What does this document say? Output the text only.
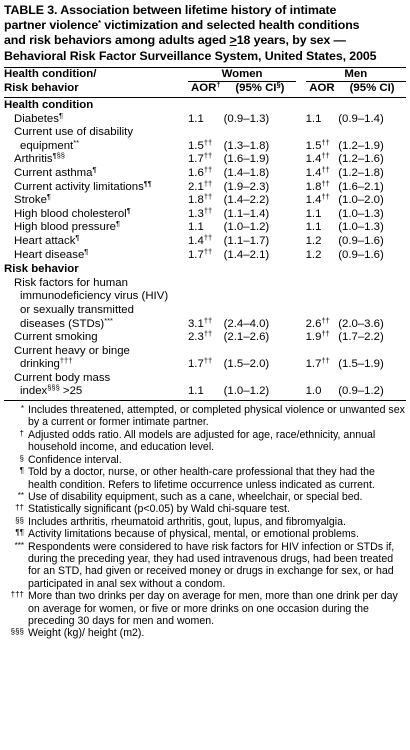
TABLE 3. Association between lifetime history of intimate
partner violence* victimization and selected health conditions
and risk behaviors among adults aged >18 years, by sex —
Behavioral Risk Factor Surveillance System, United States, 2005
Health condition/	Women			Men	
Risk behavior	AOR†	(95% CI§)		AOR	(95% CI)
Health condition					
Diabetes¶	1.1	(0.9–1.3)		1.1	(0.9–1.4)
Current use of disability					
equipment**	1.5††	(1.3–1.8)		1.5††	(1.2–1.9)
Arthritis¶§§	1.7††	(1.6–1.9)		1.4††	(1.2–1.6)
Current asthma¶	1.6††	(1.4–1.8)		1.4††	(1.2–1.8)
Current activity limitations¶¶	2.1††	(1.9–2.3)		1.8††	(1.6–2.1)
Stroke¶	1.8††	(1.4–2.2)		1.4††	(1.0–2.0)
High blood cholesterol¶	1.3††	(1.1–1.4)		1.1	(1.0–1.3)
High blood pressure¶	1.1	(1.0–1.2)		1.1	(1.0–1.3)
Heart attack¶	1.4††	(1.1–1.7)		1.2	(0.9–1.6)
Heart disease¶	1.7††	(1.4–2.1)		1.2	(0.9–1.6)
Risk behavior					
Risk factors for human					
immunodeficiency virus (HIV)					
or sexually transmitted					
diseases (STDs)***	3.1††	(2.4–4.0)		2.6††	(2.0–3.6)
Current smoking	2.3††	(2.1–2.6)		1.9††	(1.7–2.2)
Current heavy or binge					
drinking†††	1.7††	(1.5–2.0)		1.7††	(1.5–1.9)
Current body mass					
index§§§ >25	1.1	(1.0–1.2)		1.0	(0.9–1.2)
* Includes threatened, attempted, or completed physical violence or unwanted sex by a current or former intimate partner.
† Adjusted odds ratio. All models are adjusted for age, race/ethnicity, annual household income, and education level.
§ Confidence interval.
¶ Told by a doctor, nurse, or other health-care professional that they had the health condition. Refers to lifetime occurrence unless indicated as current.
** Use of disability equipment, such as a cane, wheelchair, or special bed.
†† Statistically significant (p<0.05) by Wald chi-square test.
§§ Includes arthritis, rheumatoid arthritis, gout, lupus, and fibromyalgia.
¶¶ Activity limitations because of physical, mental, or emotional problems.
*** Respondents were considered to have risk factors for HIV infection or STDs if, during the preceding year, they had used intravenous drugs, had been treated for an STD, had given or received money or drugs in exchange for sex, or had participated in anal sex without a condom.
††† More than two drinks per day on average for men, more than one drink per day on average for women, or five or more drinks on one occasion during the preceding 30 days for men and women.
§§§ Weight (kg)/ height (m2).
